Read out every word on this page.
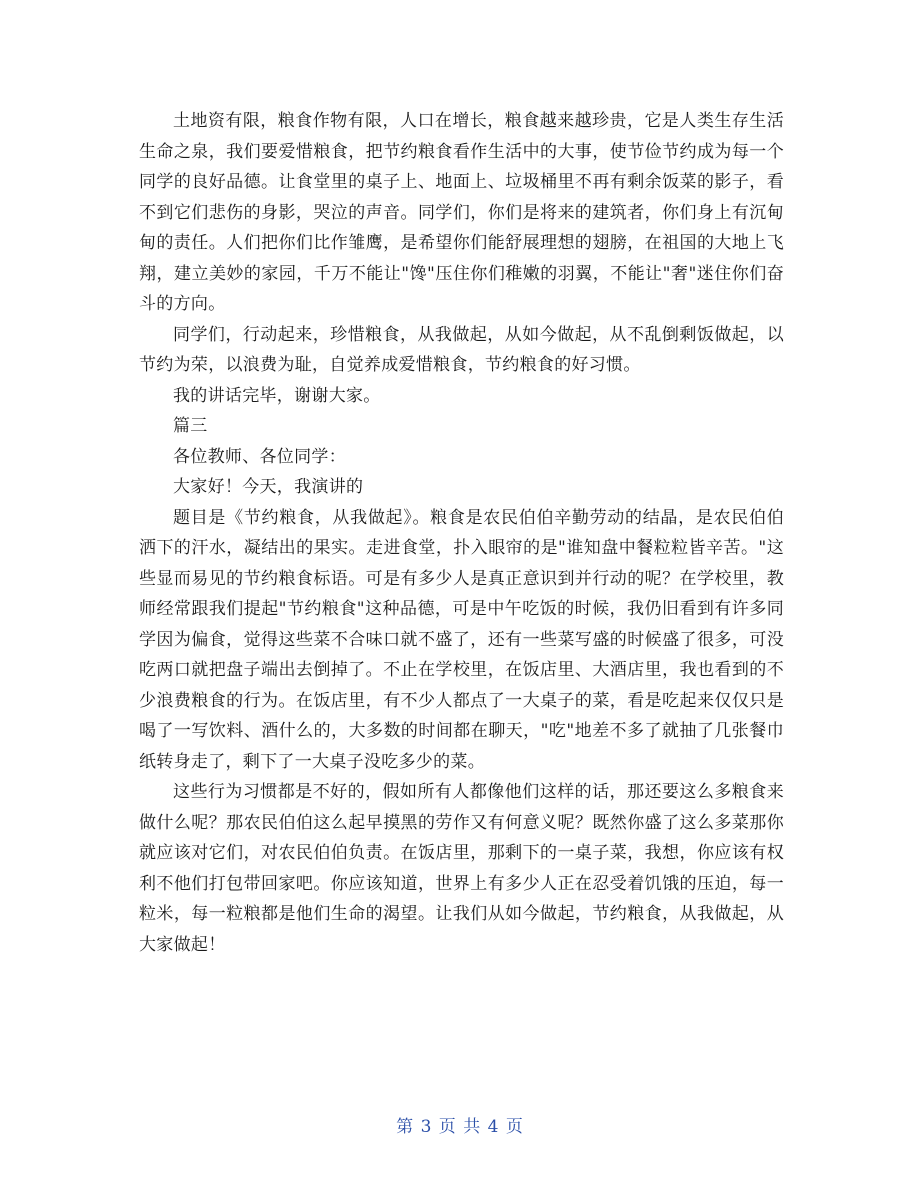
土地资有限，粮食作物有限，人口在增长，粮食越来越珍贵，它是人类生存生活生命之泉，我们要爱惜粮食，把节约粮食看作生活中的大事，使节俭节约成为每一个同学的良好品德。让食堂里的桌子上、地面上、垃圾桶里不再有剩余饭菜的影子，看不到它们悲伤的身影，哭泣的声音。同学们，你们是将来的建筑者，你们身上有沉甸甸的责任。人们把你们比作雏鹰，是希望你们能舒展理想的翅膀，在祖国的大地上飞翔，建立美妙的家园，千万不能让"馋"压住你们稚嫩的羽翼，不能让"奢"迷住你们奋斗的方向。

同学们，行动起来，珍惜粮食，从我做起，从如今做起，从不乱倒剩饭做起，以节约为荣，以浪费为耻，自觉养成爱惜粮食，节约粮食的好习惯。

我的讲话完毕，谢谢大家。

篇三

各位教师、各位同学：

大家好！今天，我演讲的

题目是《节约粮食，从我做起》。粮食是农民伯伯辛勤劳动的结晶，是农民伯伯洒下的汗水，凝结出的果实。走进食堂，扑入眼帘的是"谁知盘中餐粒粒皆辛苦。"这些显而易见的节约粮食标语。可是有多少人是真正意识到并行动的呢？在学校里，教师经常跟我们提起"节约粮食"这种品德，可是中午吃饭的时候，我仍旧看到有许多同学因为偏食，觉得这些菜不合味口就不盛了，还有一些菜写盛的时候盛了很多，可没吃两口就把盘子端出去倒掉了。不止在学校里，在饭店里、大酒店里，我也看到的不少浪费粮食的行为。在饭店里，有不少人都点了一大桌子的菜，看是吃起来仅仅只是喝了一写饮料、酒什么的，大多数的时间都在聊天，"吃"地差不多了就抽了几张餐巾纸转身走了，剩下了一大桌子没吃多少的菜。

这些行为习惯都是不好的，假如所有人都像他们这样的话，那还要这么多粮食来做什么呢？那农民伯伯这么起早摸黑的劳作又有何意义呢？既然你盛了这么多菜那你就应该对它们，对农民伯伯负责。在饭店里，那剩下的一桌子菜，我想，你应该有权利不他们打包带回家吧。你应该知道，世界上有多少人正在忍受着饥饿的压迫，每一粒米，每一粒粮都是他们生命的渴望。让我们从如今做起，节约粮食，从我做起，从大家做起！

第 3 页 共 4 页
